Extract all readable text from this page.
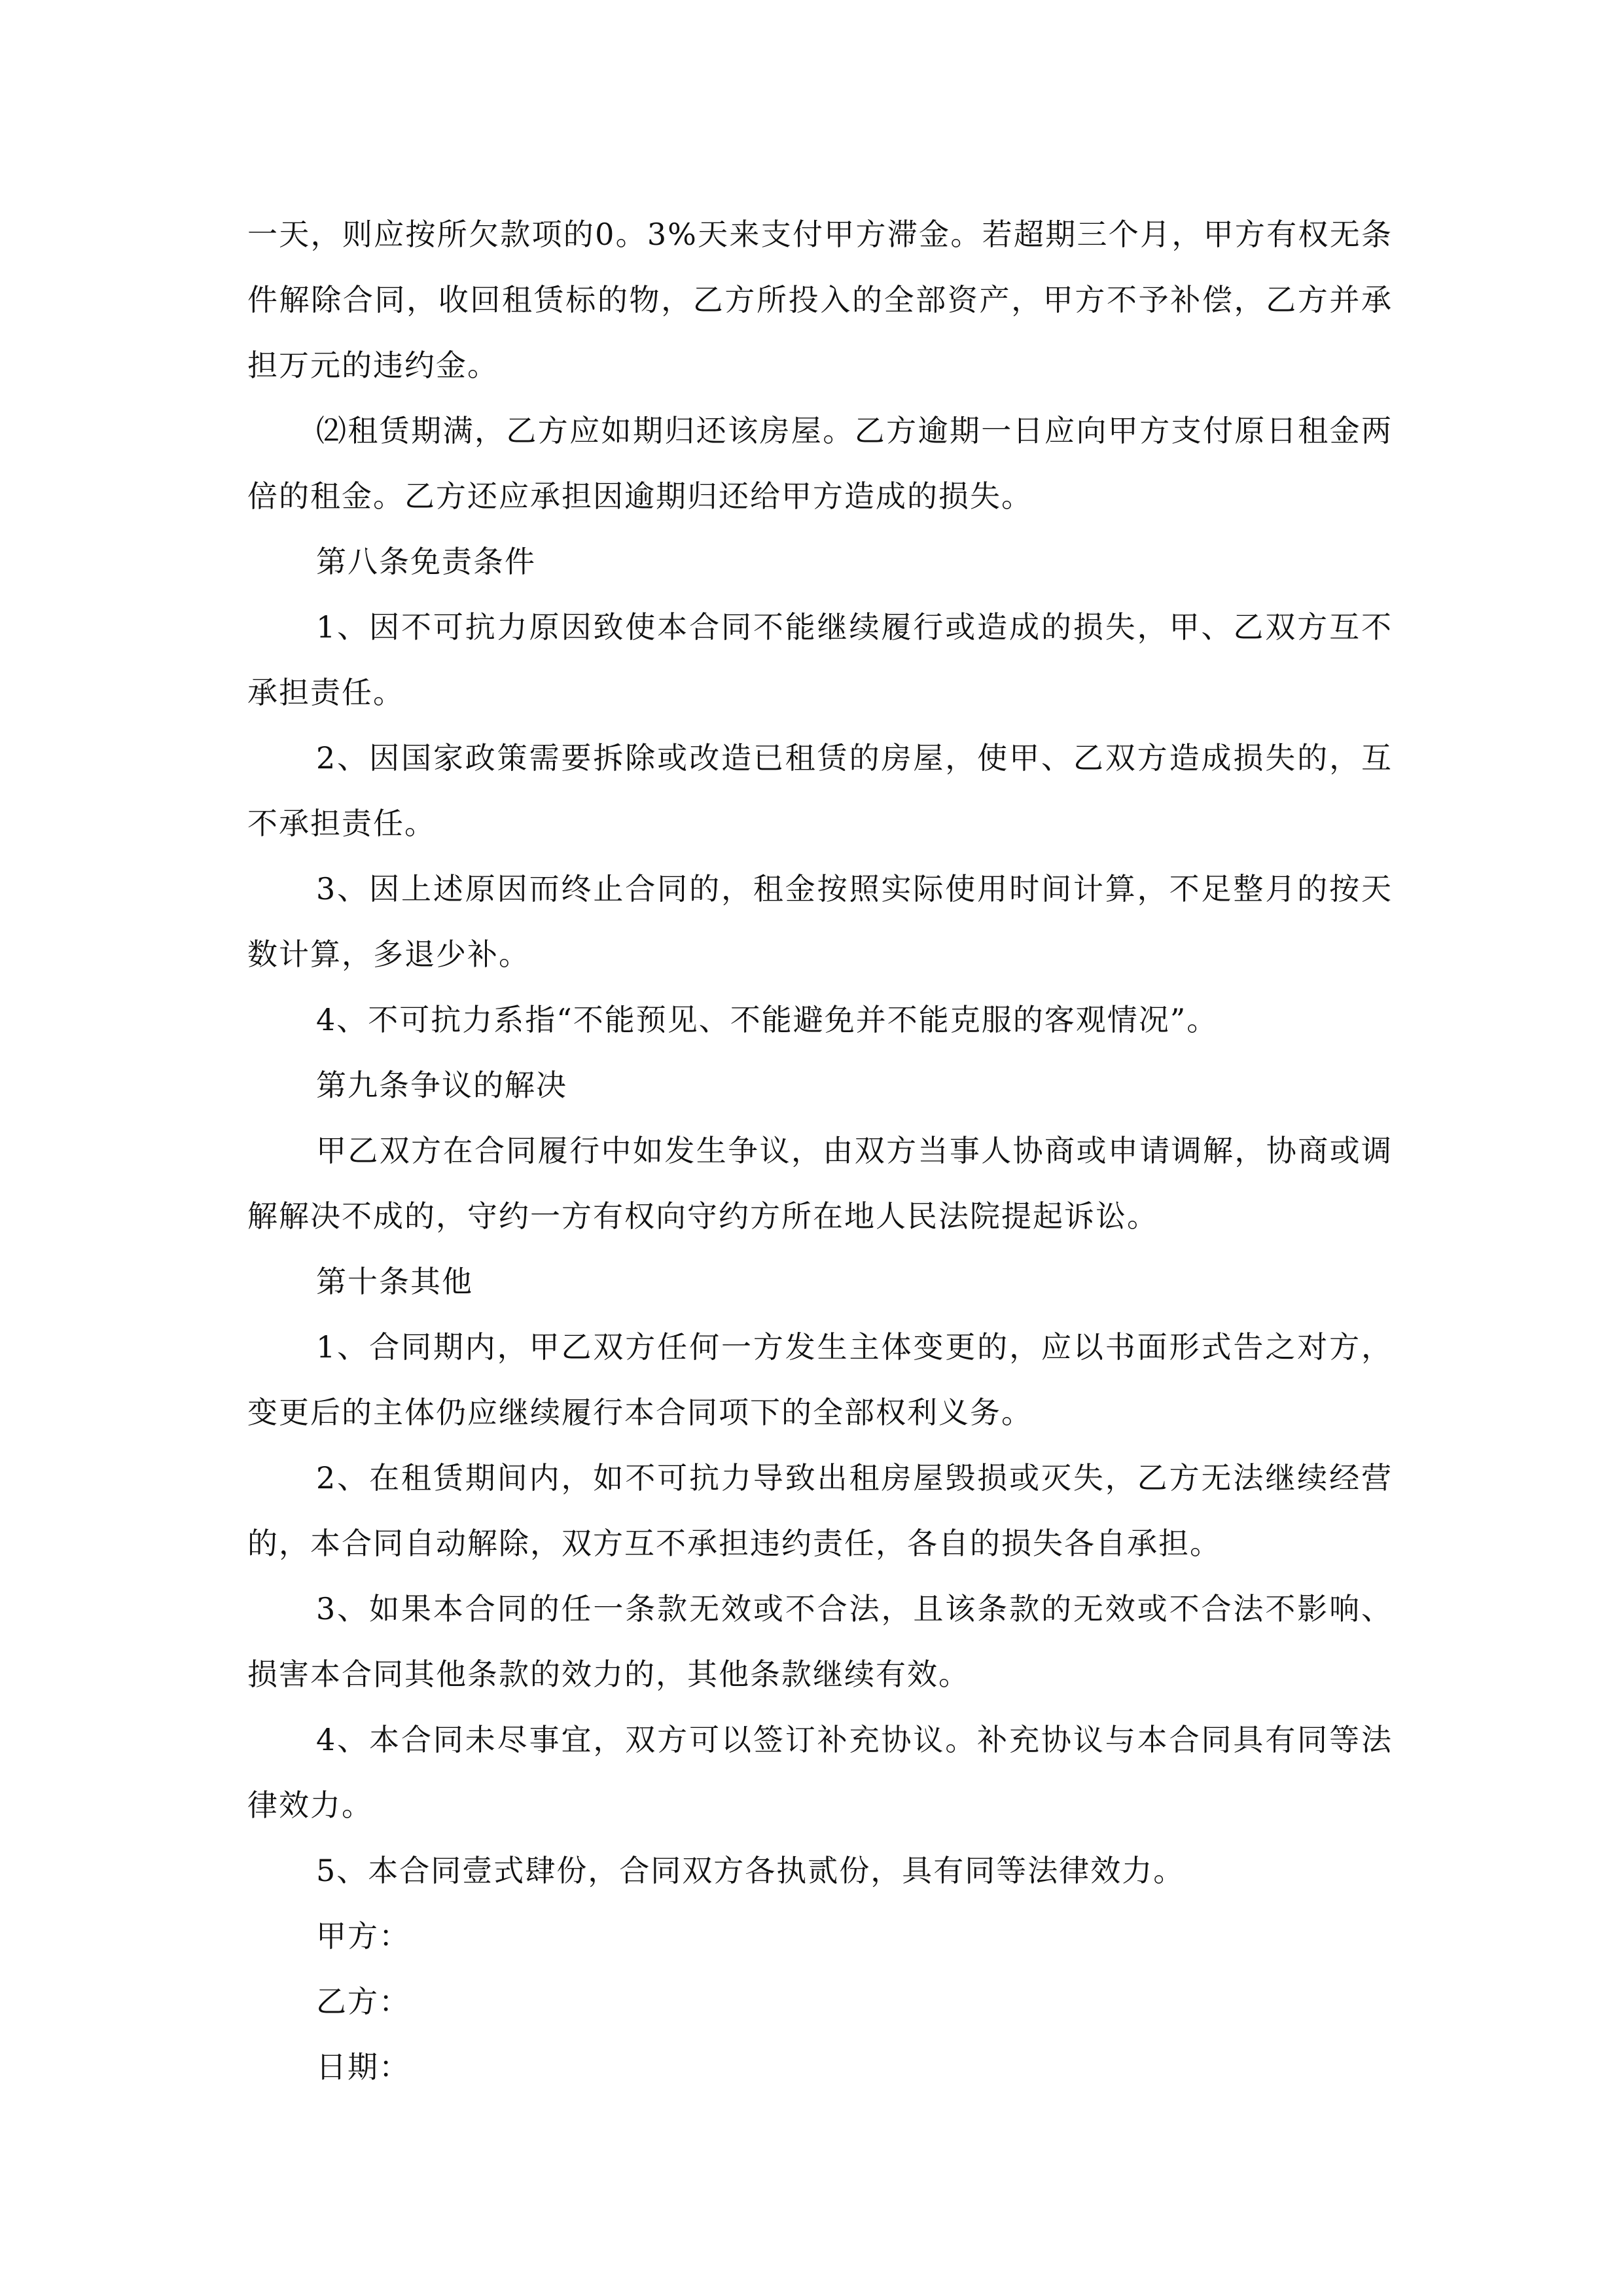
一天，则应按所欠款项的0。3%天来支付甲方滞金。若超期三个月，甲方有权无条件解除合同，收回租赁标的物，乙方所投入的全部资产，甲方不予补偿，乙方并承担万元的违约金。

⑵租赁期满，乙方应如期归还该房屋。乙方逾期一日应向甲方支付原日租金两倍的租金。乙方还应承担因逾期归还给甲方造成的损失。

第八条免责条件

1、因不可抗力原因致使本合同不能继续履行或造成的损失，甲、乙双方互不承担责任。

2、因国家政策需要拆除或改造已租赁的房屋，使甲、乙双方造成损失的，互不承担责任。

3、因上述原因而终止合同的，租金按照实际使用时间计算，不足整月的按天数计算，多退少补。

4、不可抗力系指“不能预见、不能避免并不能克服的客观情况”。

第九条争议的解决

甲乙双方在合同履行中如发生争议，由双方当事人协商或申请调解，协商或调解解决不成的，守约一方有权向守约方所在地人民法院提起诉讼。

第十条其他

1、合同期内，甲乙双方任何一方发生主体变更的，应以书面形式告之对方，变更后的主体仍应继续履行本合同项下的全部权利义务。

2、在租赁期间内，如不可抗力导致出租房屋毁损或灭失，乙方无法继续经营的，本合同自动解除，双方互不承担违约责任，各自的损失各自承担。

3、如果本合同的任一条款无效或不合法，且该条款的无效或不合法不影响、损害本合同其他条款的效力的，其他条款继续有效。

4、本合同未尽事宜，双方可以签订补充协议。补充协议与本合同具有同等法律效力。

5、本合同壹式肆份，合同双方各执贰份，具有同等法律效力。

甲方：

乙方：

日期：
